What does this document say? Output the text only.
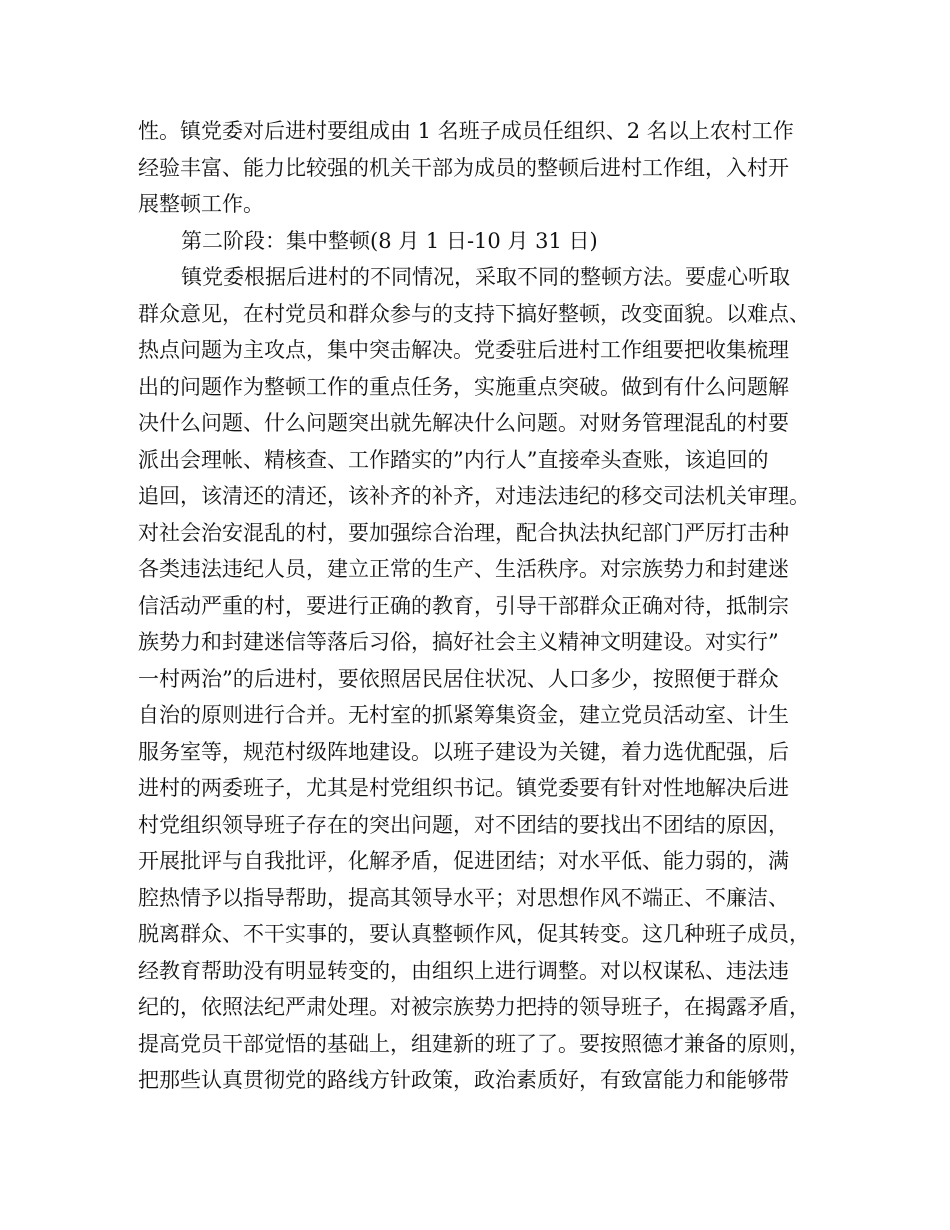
性。镇党委对后进村要组成由 1 名班子成员任组织、2 名以上农村工作
经验丰富、能力比较强的机关干部为成员的整顿后进村工作组，入村开
展整顿工作。
第二阶段：集中整顿(8 月 1 日-10 月 31 日)
镇党委根据后进村的不同情况，采取不同的整顿方法。要虚心听取
群众意见，在村党员和群众参与的支持下搞好整顿，改变面貌。以难点、
热点问题为主攻点，集中突击解决。党委驻后进村工作组要把收集梳理
出的问题作为整顿工作的重点任务，实施重点突破。做到有什么问题解
决什么问题、什么问题突出就先解决什么问题。对财务管理混乱的村要
派出会理帐、精核查、工作踏实的”内行人”直接牵头查账，该追回的
追回，该清还的清还，该补齐的补齐，对违法违纪的移交司法机关审理。
对社会治安混乱的村，要加强综合治理，配合执法执纪部门严厉打击种
各类违法违纪人员，建立正常的生产、生活秩序。对宗族势力和封建迷
信活动严重的村，要进行正确的教育，引导干部群众正确对待，抵制宗
族势力和封建迷信等落后习俗，搞好社会主义精神文明建设。对实行”
一村两治”的后进村，要依照居民居住状况、人口多少，按照便于群众
自治的原则进行合并。无村室的抓紧筹集资金，建立党员活动室、计生
服务室等，规范村级阵地建设。以班子建设为关键，着力选优配强，后
进村的两委班子，尤其是村党组织书记。镇党委要有针对性地解决后进
村党组织领导班子存在的突出问题，对不团结的要找出不团结的原因，
开展批评与自我批评，化解矛盾，促进团结；对水平低、能力弱的，满
腔热情予以指导帮助，提高其领导水平；对思想作风不端正、不廉洁、
脱离群众、不干实事的，要认真整顿作风，促其转变。这几种班子成员，
经教育帮助没有明显转变的，由组织上进行调整。对以权谋私、违法违
纪的，依照法纪严肃处理。对被宗族势力把持的领导班子，在揭露矛盾，
提高党员干部觉悟的基础上，组建新的班了了。要按照德才兼备的原则，
把那些认真贯彻党的路线方针政策，政治素质好，有致富能力和能够带
